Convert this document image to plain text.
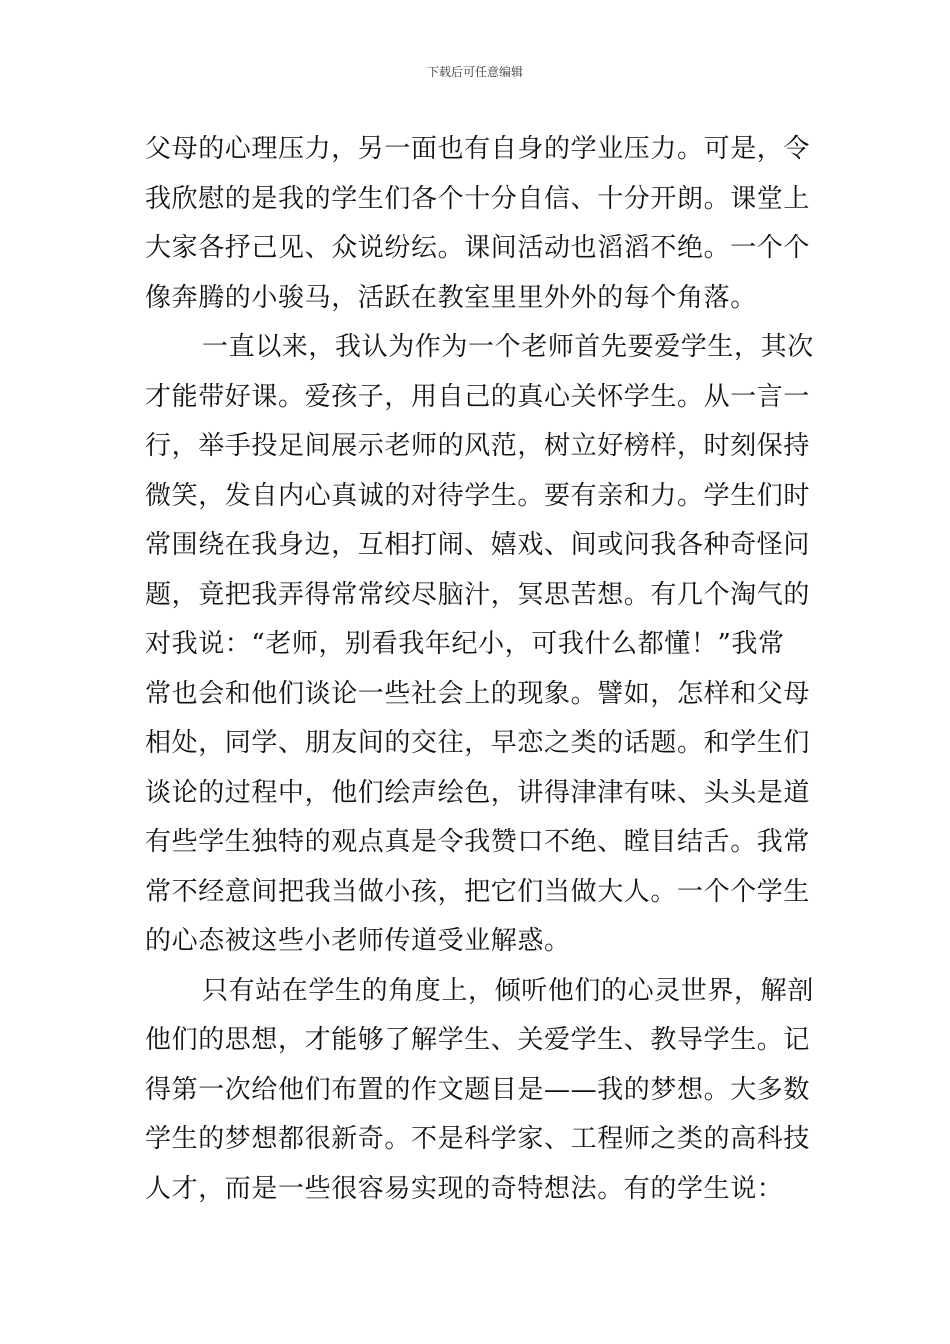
下载后可任意编辑
父母的心理压力，另一面也有自身的学业压力。可是，令
我欣慰的是我的学生们各个十分自信、十分开朗。课堂上
大家各抒己见、众说纷纭。课间活动也滔滔不绝。一个个
像奔腾的小骏马，活跃在教室里里外外的每个角落。
一直以来，我认为作为一个老师首先要爱学生，其次
才能带好课。爱孩子，用自己的真心关怀学生。从一言一
行，举手投足间展示老师的风范，树立好榜样，时刻保持
微笑，发自内心真诚的对待学生。要有亲和力。学生们时
常围绕在我身边，互相打闹、嬉戏、间或问我各种奇怪问
题，竟把我弄得常常绞尽脑汁，冥思苦想。有几个淘气的
对我说：“老师，别看我年纪小，可我什么都懂！”我常
常也会和他们谈论一些社会上的现象。譬如，怎样和父母
相处，同学、朋友间的交往，早恋之类的话题。和学生们
谈论的过程中，他们绘声绘色，讲得津津有味、头头是道
有些学生独特的观点真是令我赞口不绝、瞠目结舌。我常
常不经意间把我当做小孩，把它们当做大人。一个个学生
的心态被这些小老师传道受业解惑。
只有站在学生的角度上，倾听他们的心灵世界，解剖
他们的思想，才能够了解学生、关爱学生、教导学生。记
得第一次给他们布置的作文题目是——我的梦想。大多数
学生的梦想都很新奇。不是科学家、工程师之类的高科技
人才，而是一些很容易实现的奇特想法。有的学生说：
